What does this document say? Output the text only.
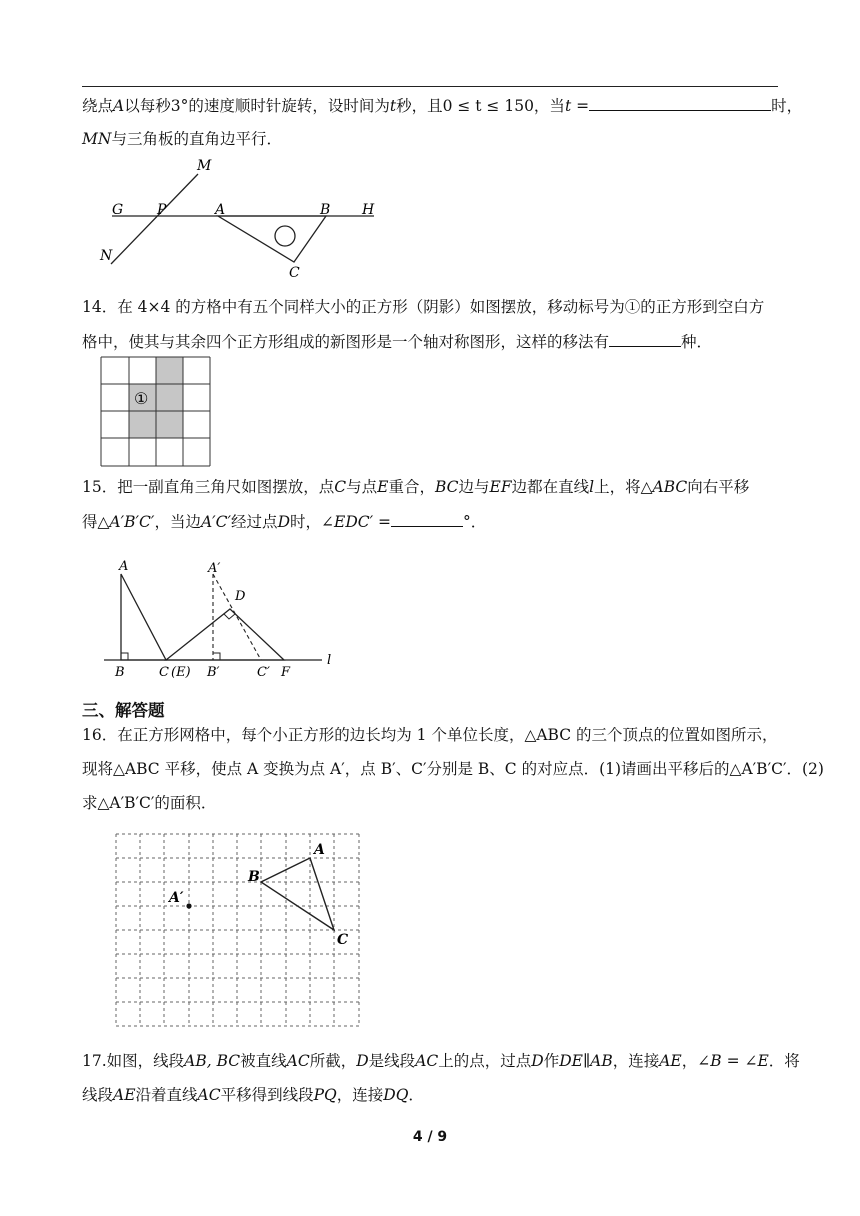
绕点A以每秒3°的速度顺时针旋转，设时间为t秒，且0 ≤ t ≤ 150，当t =	时，
MN与三角板的直角边平行．
M
G P	A	B H
N
C
14．在 4×4 的方格中有五个同样大小的正方形（阴影）如图摆放，移动标号为①的正方形到空白方
格中，使其与其余四个正方形组成的新图形是一个轴对称图形，这样的移法有	种．
①
15．把一副直角三角尺如图摆放，点C与点E重合，BC边与EF边都在直线l上，将△ABC向右平移
得△A′B′C′，当边A′C′经过点D时，∠EDC′ =	°．
A	A′
D
B	C (E) B′	C′ F
l
三、解答题
16．在正方形网格中，每个小正方形的边长均为 1 个单位长度，△ABC 的三个顶点的位置如图所示，
现将△ABC 平移，使点 A 变换为点 A′，点 B′、C′分别是 B、C 的对应点．(1)请画出平移后的△A′B′C′．(2)
求△A′B′C′的面积．
A
B
C
A′
17.如图，线段AB, BC被直线AC所截，D是线段AC上的点，过点D作DE∥AB，连接AE，∠B = ∠E．将
线段AE沿着直线AC平移得到线段PQ，连接DQ．
4 / 9
